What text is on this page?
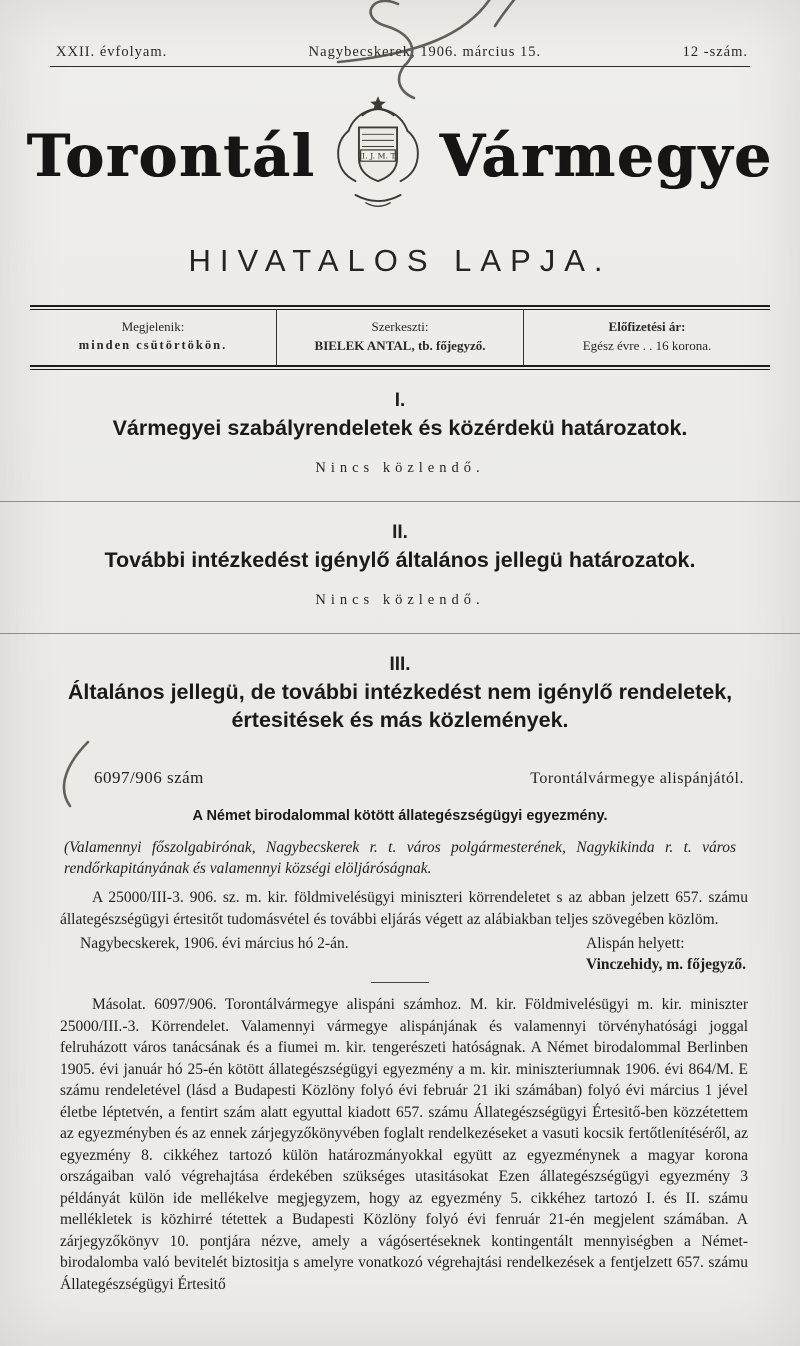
XXII. évfolyam.	Nagybecskerek, 1906. március 15.	12 -szám.
Torontál	II. J. M. T. Vármegye
HIVATALOS LAPJA.
Megjelenik:
minden csütörtökön.
Szerkeszti:
BIELEK ANTAL, tb. főjegyző.
Előfizetési ár:
Egész évre . . 16 korona.
I.
Vármegyei szabályrendeletek és közérdekü határozatok.
Nincs közlendő.
II.
További intézkedést igénylő általános jellegü határozatok.
Nincs közlendő.
III.
Általános jellegü, de további intézkedést nem igénylő rendeletek, értesitések és más közlemények.
6097/906 szám	Torontálvármegye alispánjától.
A Német birodalommal kötött állategészségügyi egyezmény.
(Valamennyi főszolgabirónak, Nagybecskerek r. t. város polgármesterének, Nagykikinda r. t. város rendőrkapitányának és valamennyi községi elöljáróságnak.
A 25000/III-3. 906. sz. m. kir. földmivelésügyi miniszteri körrendeletet s az abban jelzett 657. számu állategészségügyi értesitőt tudomásvétel és további eljárás végett az alábiakban teljes szövegében közlöm.
Nagybecskerek, 1906. évi március hó 2-án.	Alispán helyett:
Vinczehidy, m. főjegyző.
Másolat. 6097/906. Torontálvármegye alispáni számhoz. M. kir. Földmivelésügyi m. kir. miniszter 25000/III.-3. Körrendelet. Valamennyi vármegye alispánjának és valamennyi törvényhatósági joggal felruházott város tanácsának és a fiumei m. kir. tengerészeti hatóságnak. A Német birodalommal Berlinben 1905. évi január hó 25-én kötött állategészségügyi egyezmény a m. kir. miniszteriumnak 1906. évi 864/M. E számu rendeletével (lásd a Budapesti Közlöny folyó évi február 21 iki számában) folyó évi március 1 jével életbe léptetvén, a fentirt szám alatt egyuttal kiadott 657. számu Állategészségügyi Értesitő-ben közzétettem az egyezményben és az ennek zárjegyzőkönyvében foglalt rendelkezéseket a vasuti kocsik fertőtlenítéséről, az egyezmény 8. cikkéhez tartozó külön határozmányokkal együtt az egyezménynek a magyar korona országaiban való végrehajtása érdekében szükséges utasitásokat Ezen állategészségügyi egyezmény 3 példányát külön ide mellékelve megjegyzem, hogy az egyezmény 5. cikkéhez tartozó I. és II. számu mellékletek is közhirré tétettek a Budapesti Közlöny folyó évi fenruár 21-én megjelent számában. A zárjegyzőkönyv 10. pontjára nézve, amely a vágósertéseknek kontingentált mennyiségben a Német-birodalomba való bevitelét biztositja s amelyre vonatkozó végrehajtási rendelkezések a fentjelzett 657. számu Állategészségügyi Értesitő
